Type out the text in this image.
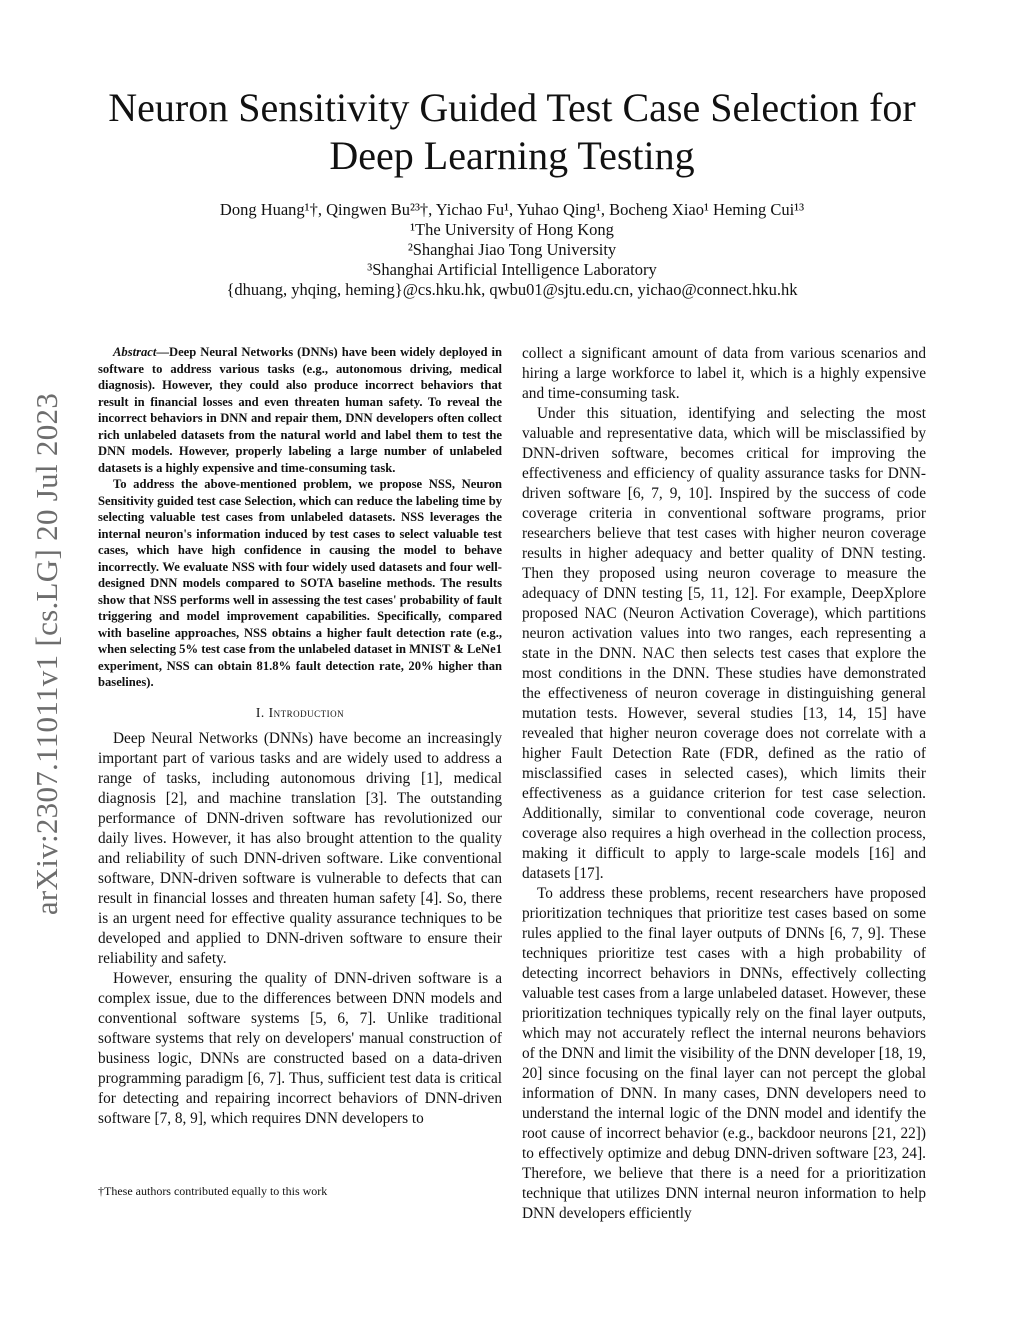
arXiv:2307.11011v1 [cs.LG] 20 Jul 2023
Neuron Sensitivity Guided Test Case Selection for
Deep Learning Testing
Dong Huang¹†, Qingwen Bu²³†, Yichao Fu¹, Yuhao Qing¹, Bocheng Xiao¹ Heming Cui¹³
¹The University of Hong Kong
²Shanghai Jiao Tong University
³Shanghai Artificial Intelligence Laboratory
{dhuang, yhqing, heming}@cs.hku.hk, qwbu01@sjtu.edu.cn, yichao@connect.hku.hk

Abstract—Deep Neural Networks (DNNs) have been widely deployed in software to address various tasks (e.g., autonomous driving, medical diagnosis). However, they could also produce incorrect behaviors that result in financial losses and even threaten human safety. To reveal the incorrect behaviors in DNN and repair them, DNN developers often collect rich unlabeled datasets from the natural world and label them to test the DNN models. However, properly labeling a large number of unlabeled datasets is a highly expensive and time-consuming task.

To address the above-mentioned problem, we propose NSS, Neuron Sensitivity guided test case Selection, which can reduce the labeling time by selecting valuable test cases from unlabeled datasets. NSS leverages the internal neuron's information induced by test cases to select valuable test cases, which have high confidence in causing the model to behave incorrectly. We evaluate NSS with four widely used datasets and four well-designed DNN models compared to SOTA baseline methods. The results show that NSS performs well in assessing the test cases' probability of fault triggering and model improvement capabilities. Specifically, compared with baseline approaches, NSS obtains a higher fault detection rate (e.g., when selecting 5% test case from the unlabeled dataset in MNIST & LeNe1 experiment, NSS can obtain 81.8% fault detection rate, 20% higher than baselines).

I. Introduction

Deep Neural Networks (DNNs) have become an increasingly important part of various tasks and are widely used to address a range of tasks, including autonomous driving [1], medical diagnosis [2], and machine translation [3]. The outstanding performance of DNN-driven software has revolutionized our daily lives. However, it has also brought attention to the quality and reliability of such DNN-driven software. Like conventional software, DNN-driven software is vulnerable to defects that can result in financial losses and threaten human safety [4]. So, there is an urgent need for effective quality assurance techniques to be developed and applied to DNN-driven software to ensure their reliability and safety.

However, ensuring the quality of DNN-driven software is a complex issue, due to the differences between DNN models and conventional software systems [5, 6, 7]. Unlike traditional software systems that rely on developers' manual construction of business logic, DNNs are constructed based on a data-driven programming paradigm [6, 7]. Thus, sufficient test data is critical for detecting and repairing incorrect behaviors of DNN-driven software [7, 8, 9], which requires DNN developers to

†These authors contributed equally to this work

collect a significant amount of data from various scenarios and hiring a large workforce to label it, which is a highly expensive and time-consuming task.

Under this situation, identifying and selecting the most valuable and representative data, which will be misclassified by DNN-driven software, becomes critical for improving the effectiveness and efficiency of quality assurance tasks for DNN-driven software [6, 7, 9, 10]. Inspired by the success of code coverage criteria in conventional software programs, prior researchers believe that test cases with higher neuron coverage results in higher adequacy and better quality of DNN testing. Then they proposed using neuron coverage to measure the adequacy of DNN testing [5, 11, 12]. For example, DeepXplore proposed NAC (Neuron Activation Coverage), which partitions neuron activation values into two ranges, each representing a state in the DNN. NAC then selects test cases that explore the most conditions in the DNN. These studies have demonstrated the effectiveness of neuron coverage in distinguishing general mutation tests. However, several studies [13, 14, 15] have revealed that higher neuron coverage does not correlate with a higher Fault Detection Rate (FDR, defined as the ratio of misclassified cases in selected cases), which limits their effectiveness as a guidance criterion for test case selection. Additionally, similar to conventional code coverage, neuron coverage also requires a high overhead in the collection process, making it difficult to apply to large-scale models [16] and datasets [17].

To address these problems, recent researchers have proposed prioritization techniques that prioritize test cases based on some rules applied to the final layer outputs of DNNs [6, 7, 9]. These techniques prioritize test cases with a high probability of detecting incorrect behaviors in DNNs, effectively collecting valuable test cases from a large unlabeled dataset. However, these prioritization techniques typically rely on the final layer outputs, which may not accurately reflect the internal neurons behaviors of the DNN and limit the visibility of the DNN developer [18, 19, 20] since focusing on the final layer can not percept the global information of DNN. In many cases, DNN developers need to understand the internal logic of the DNN model and identify the root cause of incorrect behavior (e.g., backdoor neurons [21, 22]) to effectively optimize and debug DNN-driven software [23, 24]. Therefore, we believe that there is a need for a prioritization technique that utilizes DNN internal neuron information to help DNN developers efficiently
